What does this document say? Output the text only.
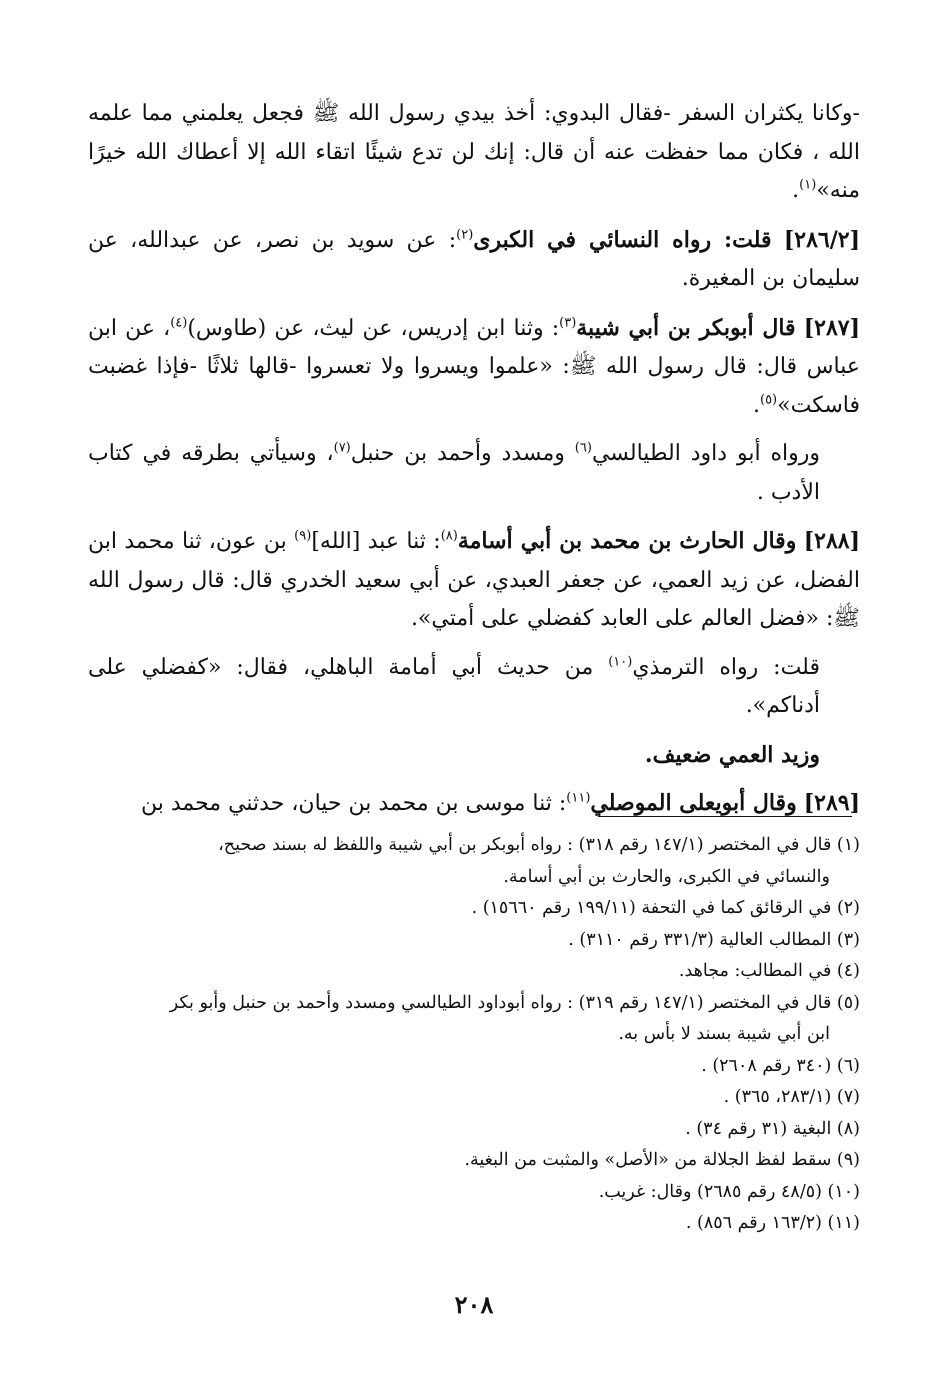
-وكانا يكثران السفر -فقال البدوي: أخذ بيدي رسول الله ﷺ فجعل يعلمني مما علمه الله ، فكان مما حفظت عنه أن قال: إنك لن تدع شيئًا اتقاء الله إلا أعطاك الله خيرًا منه»$^{(١)}$.

[٢٨٦/٢] قلت: رواه النسائي في الكبرى$^{(٢)}$: عن سويد بن نصر، عن عبدالله، عن سليمان بن المغيرة.

[٢٨٧] قال أبوبكر بن أبي شيبة$^{(٣)}$: وثنا ابن إدريس، عن ليث، عن (طاوس)$^{(٤)}$، عن ابن عباس قال: قال رسول الله ﷺ: «علموا ويسروا ولا تعسروا -قالها ثلاثًا -فإذا غضبت فاسكت»$^{(٥)}$.

ورواه أبو داود الطيالسي$^{(٦)}$ ومسدد وأحمد بن حنبل$^{(٧)}$، وسيأتي بطرقه في كتاب الأدب .

[٢٨٨] وقال الحارث بن محمد بن أبي أسامة$^{(٨)}$: ثنا عبد [الله]$^{(٩)}$ بن عون، ثنا محمد ابن الفضل، عن زيد العمي، عن جعفر العبدي، عن أبي سعيد الخدري قال: قال رسول الله ﷺ: «فضل العالم على العابد كفضلي على أمتي».

قلت: رواه الترمذي$^{(١٠)}$ من حديث أبي أمامة الباهلي، فقال: «كفضلي على أدناكم».

وزيد العمي ضعيف.

[٢٨٩] وقال أبويعلى الموصلي$^{(١١)}$: ثنا موسى بن محمد بن حيان، حدثني محمد بن

(١) قال في المختصر (١٤٧/١ رقم ٣١٨) : رواه أبوبكر بن أبي شيبة واللفظ له بسند صحيح،
والنسائي في الكبرى، والحارث بن أبي أسامة.

(٢) في الرقائق كما في التحفة (١٩٩/١١ رقم ١٥٦٦٠) .

(٣) المطالب العالية (٣٣١/٣ رقم ٣١١٠) .

(٤) في المطالب: مجاهد.

(٥) قال في المختصر (١٤٧/١ رقم ٣١٩) : رواه أبوداود الطيالسي ومسدد وأحمد بن حنبل وأبو بكر
ابن أبي شيبة بسند لا بأس به.

(٦) (٣٤٠ رقم ٢٦٠٨) .

(٧) (٢٨٣/١، ٣٦٥) .

(٨) البغية (٣١ رقم ٣٤) .

(٩) سقط لفظ الجلالة من «الأصل» والمثبت من البغية.

(١٠) (٤٨/٥ رقم ٢٦٨٥) وقال: غريب.

(١١) (١٦٣/٢ رقم ٨٥٦) .

٢٠٨
